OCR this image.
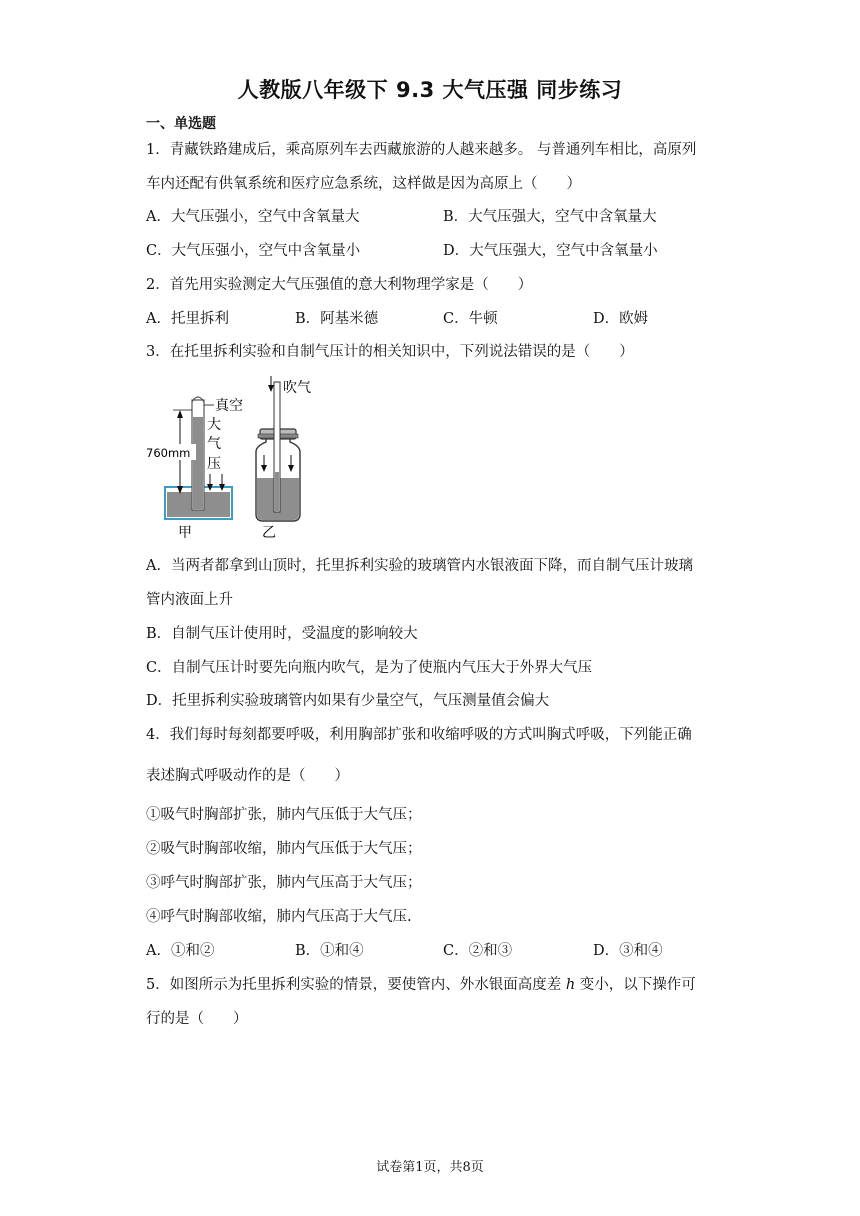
人教版八年级下 9.3 大气压强 同步练习
一、单选题
1．青藏铁路建成后，乘高原列车去西藏旅游的人越来越多。 与普通列车相比，高原列
车内还配有供氧系统和医疗应急系统，这样做是因为高原上（　　）
A．大气压强小，空气中含氧量大	B．大气压强大，空气中含氧量大
C．大气压强小，空气中含氧量小	D．大气压强大，空气中含氧量小
2．首先用实验测定大气压强值的意大利物理学家是（　　）
A．托里拆利	B．阿基米德	C．牛顿	D．欧姆
3．在托里拆利实验和自制气压计的相关知识中，下列说法错误的是（　　）
760mm
真空
大
气
压
甲
吹气
乙
A．当两者都拿到山顶时，托里拆利实验的玻璃管内水银液面下降，而自制气压计玻璃
管内液面上升
B．自制气压计使用时，受温度的影响较大
C．自制气压计时要先向瓶内吹气，是为了使瓶内气压大于外界大气压
D．托里拆利实验玻璃管内如果有少量空气，气压测量值会偏大
4．我们每时每刻都要呼吸，利用胸部扩张和收缩呼吸的方式叫胸式呼吸，下列能正确
表述胸式呼吸动作的是（　　）
①吸气时胸部扩张，肺内气压低于大气压；
②吸气时胸部收缩，肺内气压低于大气压；
③呼气时胸部扩张，肺内气压高于大气压；
④呼气时胸部收缩，肺内气压高于大气压.
A．①和②	B．①和④	C．②和③	D．③和④
5．如图所示为托里拆利实验的情景，要使管内、外水银面高度差 h 变小，以下操作可
行的是（　　）
试卷第1页，共8页
